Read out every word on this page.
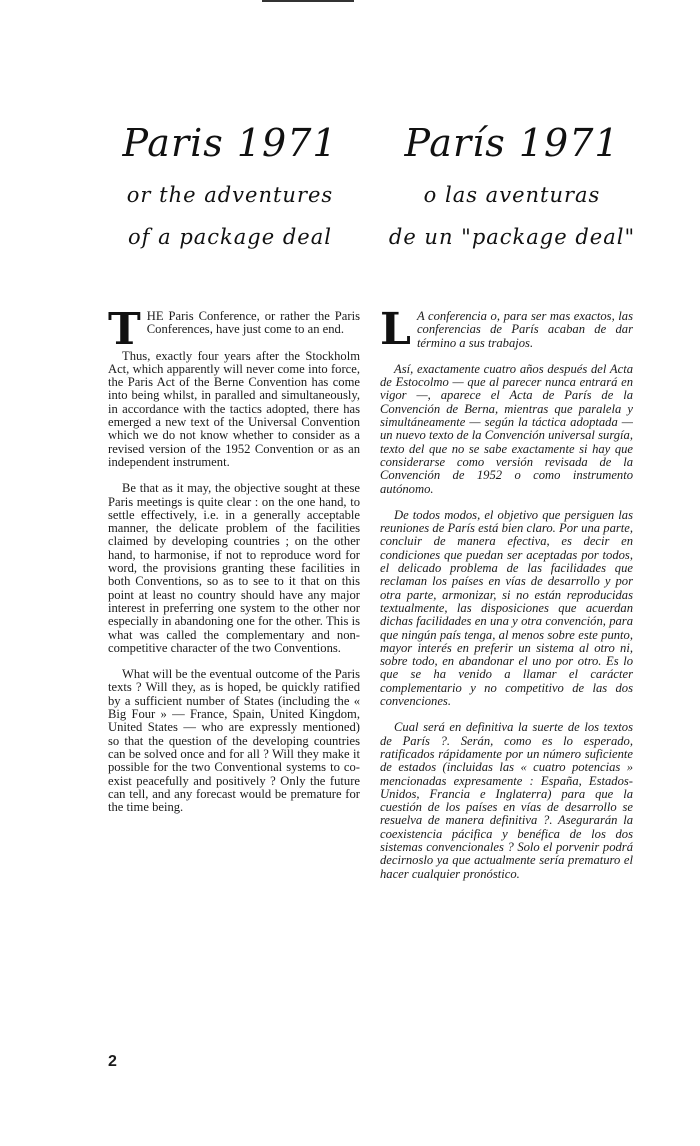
Paris 1971
or the adventures
of a package deal
París 1971
o las aventuras
de un "package deal"

THE Paris Conference, or rather the Paris Conferences, have just come to an end.

Thus, exactly four years after the Stockholm Act, which apparently will never come into force, the Paris Act of the Berne Convention has come into being whilst, in paralled and simultaneously, in accordance with the tactics adopted, there has emerged a new text of the Universal Convention which we do not know whether to consider as a revised version of the 1952 Convention or as an independent instrument.

Be that as it may, the objective sought at these Paris meetings is quite clear : on the one hand, to settle effectively, i.e. in a generally acceptable manner, the delicate problem of the facilities claimed by developing countries ; on the other hand, to harmonise, if not to reproduce word for word, the provisions granting these facilities in both Conventions, so as to see to it that on this point at least no country should have any major interest in preferring one system to the other nor especially in abandoning one for the other. This is what was called the complementary and non-competitive character of the two Conventions.

What will be the eventual outcome of the Paris texts ? Will they, as is hoped, be quickly ratified by a sufficient number of States (including the « Big Four » — France, Spain, United Kingdom, United States — who are expressly mentioned) so that the question of the developing countries can be solved once and for all ? Will they make it possible for the two Conventional systems to co-exist peacefully and positively ? Only the future can tell, and any forecast would be premature for the time being.

L A conferencia o, para ser mas exactos, las conferencias de París acaban de dar término a sus trabajos.

Así, exactamente cuatro años después del Acta de Estocolmo — que al parecer nunca entrará en vigor —, aparece el Acta de París de la Convención de Berna, mientras que paralela y simultáneamente — según la táctica adoptada — un nuevo texto de la Convención universal surgía, texto del que no se sabe exactamente si hay que considerarse como versión revisada de la Convención de 1952 o como instrumento autónomo.

De todos modos, el objetivo que persiguen las reuniones de París está bien claro. Por una parte, concluir de manera efectiva, es decir en condiciones que puedan ser aceptadas por todos, el delicado problema de las facilidades que reclaman los países en vías de desarrollo y por otra parte, armonizar, si no están reproducidas textualmente, las disposiciones que acuerdan dichas facilidades en una y otra convención, para que ningún país tenga, al menos sobre este punto, mayor interés en preferir un sistema al otro ni, sobre todo, en abandonar el uno por otro. Es lo que se ha venido a llamar el carácter complementario y no competitivo de las dos convenciones.

Cual será en definitiva la suerte de los textos de París ?. Serán, como es lo esperado, ratificados rápidamente por un número suficiente de estados (incluidas las « cuatro potencias » mencionadas expresamente : España, Estados-Unidos, Francia e Inglaterra) para que la cuestión de los países en vías de desarrollo se resuelva de manera definitiva ?. Asegurarán la coexistencia pácifica y benéfica de los dos sistemas convencionales ? Solo el porvenir podrá decirnoslo ya que actualmente sería prematuro el hacer cualquier pronóstico.

2
